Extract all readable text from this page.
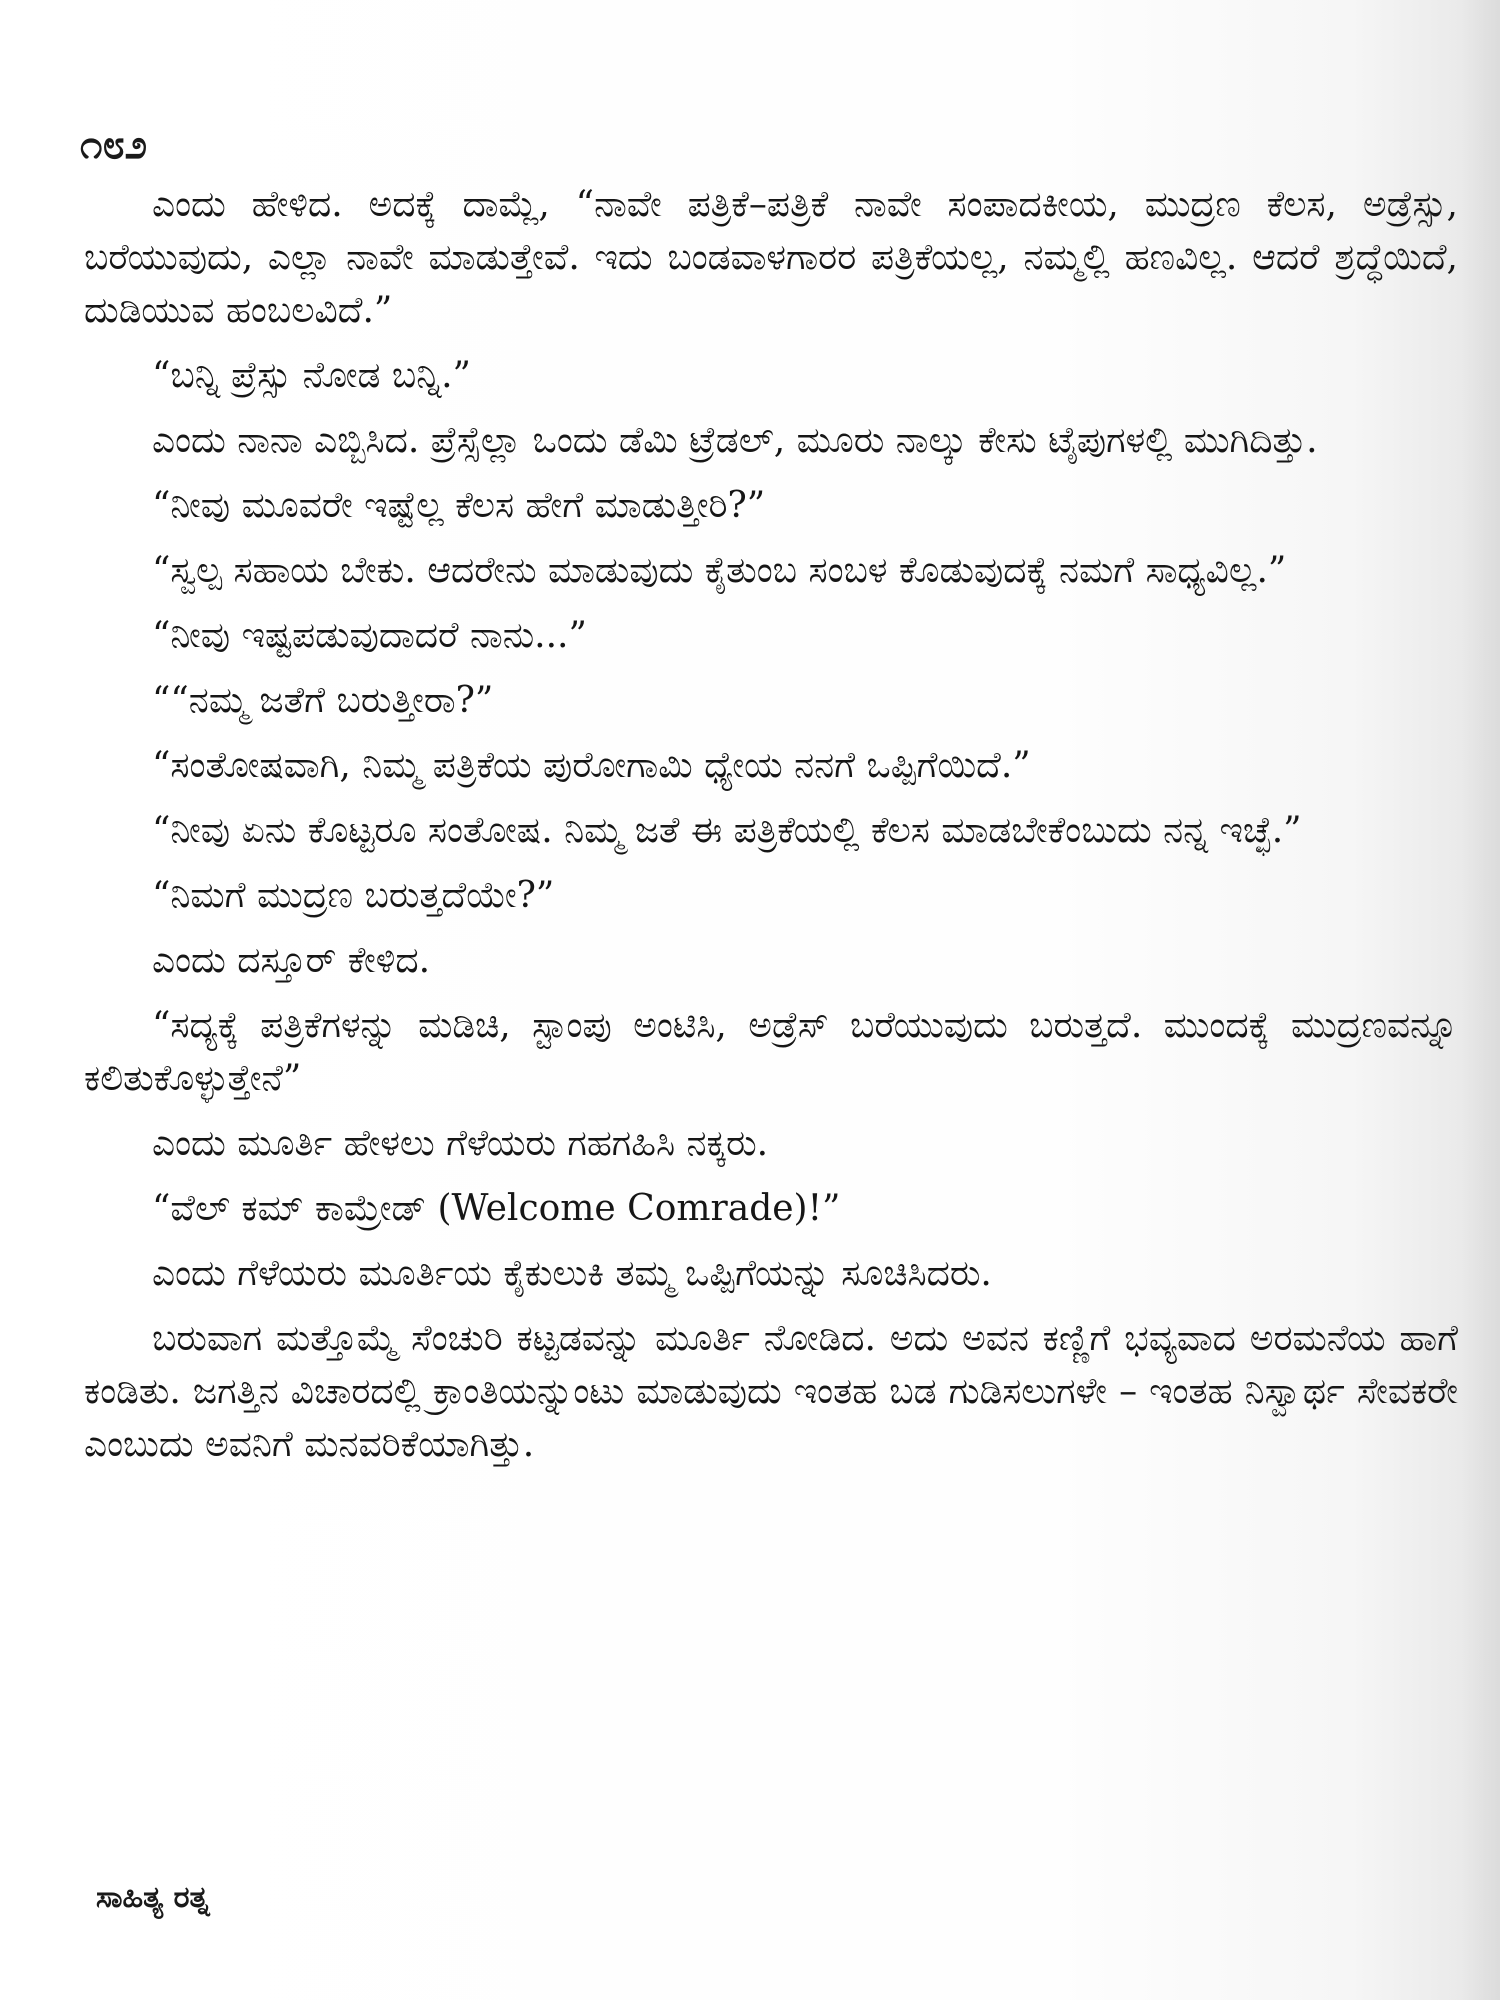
೧೮೨

ಎಂದು ಹೇಳಿದ. ಅದಕ್ಕೆ ದಾಮ್ಲೆ, “ನಾವೇ ಪತ್ರಿಕೆ–ಪತ್ರಿಕೆ ನಾವೇ ಸಂಪಾದಕೀಯ, ಮುದ್ರಣ ಕೆಲಸ, ಅಡ್ರೆಸ್ಸು, ಬರೆಯುವುದು, ಎಲ್ಲಾ ನಾವೇ ಮಾಡುತ್ತೇವೆ. ಇದು ಬಂಡವಾಳಗಾರರ ಪತ್ರಿಕೆಯಲ್ಲ, ನಮ್ಮಲ್ಲಿ ಹಣವಿಲ್ಲ. ಆದರೆ ಶ್ರದ್ಧೆಯಿದೆ, ದುಡಿಯುವ ಹಂಬಲವಿದೆ.”

“ಬನ್ನಿ ಪ್ರೆಸ್ಸು ನೋಡ ಬನ್ನಿ.”

ಎಂದು ನಾನಾ ಎಬ್ಬಿಸಿದ. ಪ್ರೆಸ್ಸೆಲ್ಲಾ ಒಂದು ಡೆಮಿ ಟ್ರೆಡಲ್, ಮೂರು ನಾಲ್ಕು ಕೇಸು ಟೈಪುಗಳಲ್ಲಿ ಮುಗಿದಿತ್ತು.

“ನೀವು ಮೂವರೇ ಇಷ್ಟೆಲ್ಲ ಕೆಲಸ ಹೇಗೆ ಮಾಡುತ್ತೀರಿ?”

“ಸ್ವಲ್ಪ ಸಹಾಯ ಬೇಕು. ಆದರೇನು ಮಾಡುವುದು ಕೈತುಂಬ ಸಂಬಳ ಕೊಡುವುದಕ್ಕೆ ನಮಗೆ ಸಾಧ್ಯವಿಲ್ಲ.”

“ನೀವು ಇಷ್ಟಪಡುವುದಾದರೆ ನಾನು...”

““ನಮ್ಮ ಜತೆಗೆ ಬರುತ್ತೀರಾ?”

“ಸಂತೋಷವಾಗಿ, ನಿಮ್ಮ ಪತ್ರಿಕೆಯ ಪುರೋಗಾಮಿ ಧ್ಯೇಯ ನನಗೆ ಒಪ್ಪಿಗೆಯಿದೆ.”

“ನೀವು ಏನು ಕೊಟ್ಟರೂ ಸಂತೋಷ. ನಿಮ್ಮ ಜತೆ ಈ ಪತ್ರಿಕೆಯಲ್ಲಿ ಕೆಲಸ ಮಾಡಬೇಕೆಂಬುದು ನನ್ನ ಇಚ್ಛೆ.”

“ನಿಮಗೆ ಮುದ್ರಣ ಬರುತ್ತದೆಯೇ?”

ಎಂದು ದಸ್ತೂರ್ ಕೇಳಿದ.

“ಸದ್ಯಕ್ಕೆ ಪತ್ರಿಕೆಗಳನ್ನು ಮಡಿಚಿ, ಸ್ಟಾಂಪು ಅಂಟಿಸಿ, ಅಡ್ರೆಸ್ ಬರೆಯುವುದು ಬರುತ್ತದೆ. ಮುಂದಕ್ಕೆ ಮುದ್ರಣವನ್ನೂ ಕಲಿತುಕೊಳ್ಳುತ್ತೇನೆ”

ಎಂದು ಮೂರ್ತಿ ಹೇಳಲು ಗೆಳೆಯರು ಗಹಗಹಿಸಿ ನಕ್ಕರು.

“ವೆಲ್ ಕಮ್ ಕಾಮ್ರೇಡ್ (Welcome Comrade)!”

ಎಂದು ಗೆಳೆಯರು ಮೂರ್ತಿಯ ಕೈಕುಲುಕಿ ತಮ್ಮ ಒಪ್ಪಿಗೆಯನ್ನು ಸೂಚಿಸಿದರು.

ಬರುವಾಗ ಮತ್ತೊಮ್ಮೆ ಸೆಂಚುರಿ ಕಟ್ಟಡವನ್ನು ಮೂರ್ತಿ ನೋಡಿದ. ಅದು ಅವನ ಕಣ್ಣಿಗೆ ಭವ್ಯವಾದ ಅರಮನೆಯ ಹಾಗೆ ಕಂಡಿತು. ಜಗತ್ತಿನ ವಿಚಾರದಲ್ಲಿ ಕ್ರಾಂತಿಯನ್ನುಂಟು ಮಾಡುವುದು ಇಂತಹ ಬಡ ಗುಡಿಸಲುಗಳೇ – ಇಂತಹ ನಿಸ್ವಾರ್ಥ ಸೇವಕರೇ ಎಂಬುದು ಅವನಿಗೆ ಮನವರಿಕೆಯಾಗಿತ್ತು.

ಸಾಹಿತ್ಯ ರತ್ನ
